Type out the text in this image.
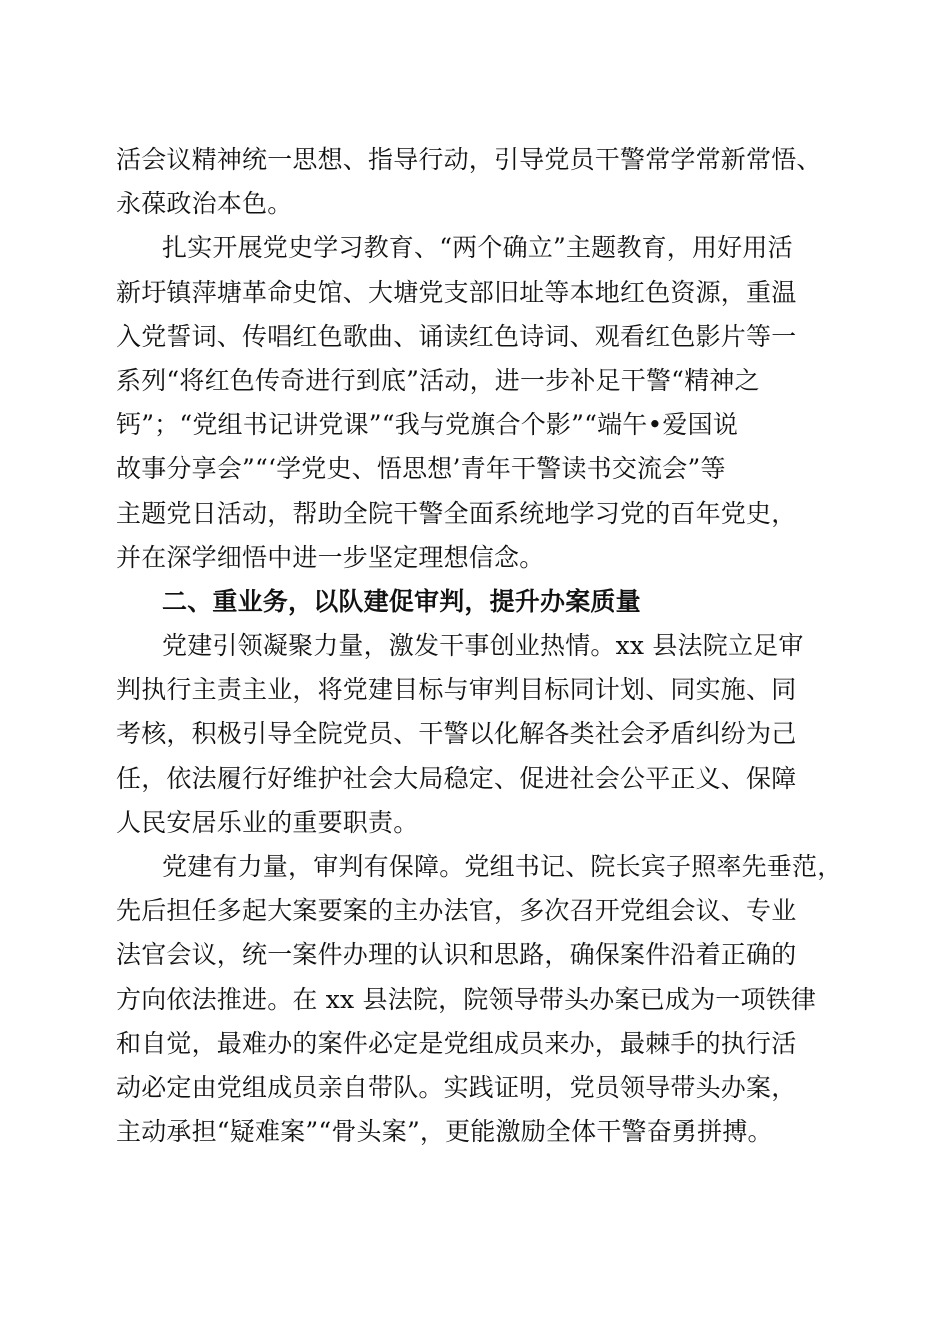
活会议精神统一思想、指导行动，引导党员干警常学常新常悟、
永葆政治本色。
扎实开展党史学习教育、“两个确立”主题教育，用好用活
新圩镇萍塘革命史馆、大塘党支部旧址等本地红色资源，重温
入党誓词、传唱红色歌曲、诵读红色诗词、观看红色影片等一
系列“将红色传奇进行到底”活动，进一步补足干警“精神之
钙”；“党组书记讲党课”“我与党旗合个影”“端午•爱国说
故事分享会”“‘学党史、悟思想’青年干警读书交流会”等
主题党日活动，帮助全院干警全面系统地学习党的百年党史，
并在深学细悟中进一步坚定理想信念。
二、重业务，以队建促审判，提升办案质量
党建引领凝聚力量，激发干事创业热情。xx 县法院立足审
判执行主责主业，将党建目标与审判目标同计划、同实施、同
考核，积极引导全院党员、干警以化解各类社会矛盾纠纷为己
任，依法履行好维护社会大局稳定、促进社会公平正义、保障
人民安居乐业的重要职责。
党建有力量，审判有保障。党组书记、院长宾子照率先垂范，
先后担任多起大案要案的主办法官，多次召开党组会议、专业
法官会议，统一案件办理的认识和思路，确保案件沿着正确的
方向依法推进。在 xx 县法院，院领导带头办案已成为一项铁律
和自觉，最难办的案件必定是党组成员来办，最棘手的执行活
动必定由党组成员亲自带队。实践证明，党员领导带头办案，
主动承担“疑难案”“骨头案”，更能激励全体干警奋勇拼搏。
